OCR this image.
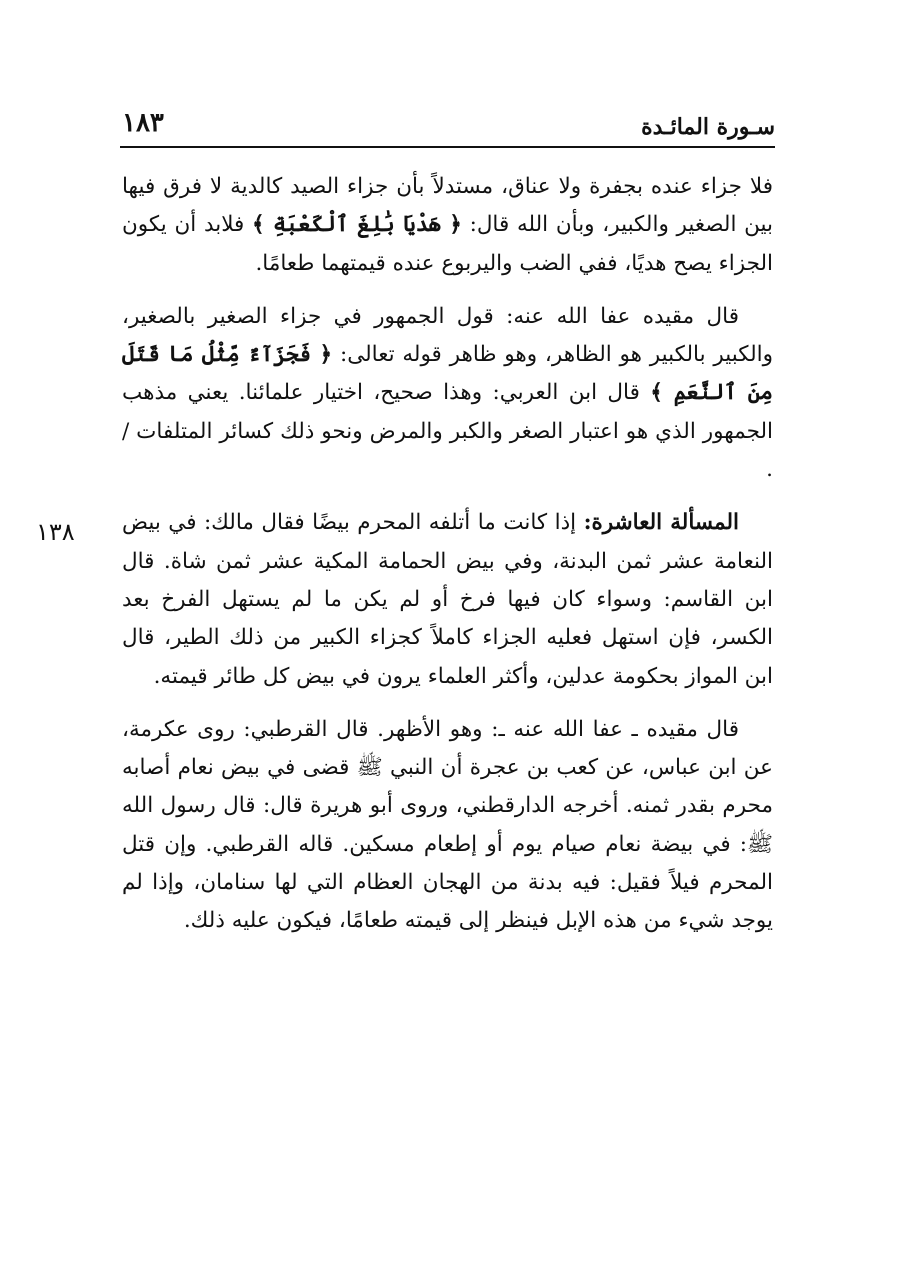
سـورة المائـدة
١٨٣
١٣٨

فلا جزاء عنده بجفرة ولا عناق، مستدلاً بأن جزاء الصيد كالدية لا فرق فيها بين الصغير والكبير، وبأن الله قال: ﴿ هَدْيَا بَٰلِغَ ٱلْكَعْبَةِ ﴾ فلابد أن يكون الجزاء يصح هديًا، ففي الضب واليربوع عنده قيمتهما طعامًا.

قال مقيده عفا الله عنه: قول الجمهور في جزاء الصغير بالصغير، والكبير بالكبير هو الظاهر، وهو ظاهر قوله تعالى: ﴿ فَجَزَآءٌ مِّثْلُ مَا قَتَلَ مِنَ ٱلنَّعَمِ ﴾ قال ابن العربي: وهذا صحيح، اختيار علمائنا. يعني مذهب الجمهور الذي هو اعتبار الصغر والكبر والمرض ونحو ذلك كسائر المتلفات / .

المسألة العاشرة: إذا كانت ما أتلفه المحرم بيضًا فقال مالك: في بيض النعامة عشر ثمن البدنة، وفي بيض الحمامة المكية عشر ثمن شاة. قال ابن القاسم: وسواء كان فيها فرخ أو لم يكن ما لم يستهل الفرخ بعد الكسر، فإن استهل فعليه الجزاء كاملاً كجزاء الكبير من ذلك الطير، قال ابن المواز بحكومة عدلين، وأكثر العلماء يرون في بيض كل طائر قيمته.

قال مقيده ـ عفا الله عنه ـ: وهو الأظهر. قال القرطبي: روى عكرمة، عن ابن عباس، عن كعب بن عجرة أن النبي ﷺ قضى في بيض نعام أصابه محرم بقدر ثمنه. أخرجه الدارقطني، وروى أبو هريرة قال: قال رسول الله ﷺ: في بيضة نعام صيام يوم أو إطعام مسكين. قاله القرطبي. وإن قتل المحرم فيلاً فقيل: فيه بدنة من الهجان العظام التي لها سنامان، وإذا لم يوجد شيء من هذه الإبل فينظر إلى قيمته طعامًا، فيكون عليه ذلك.
